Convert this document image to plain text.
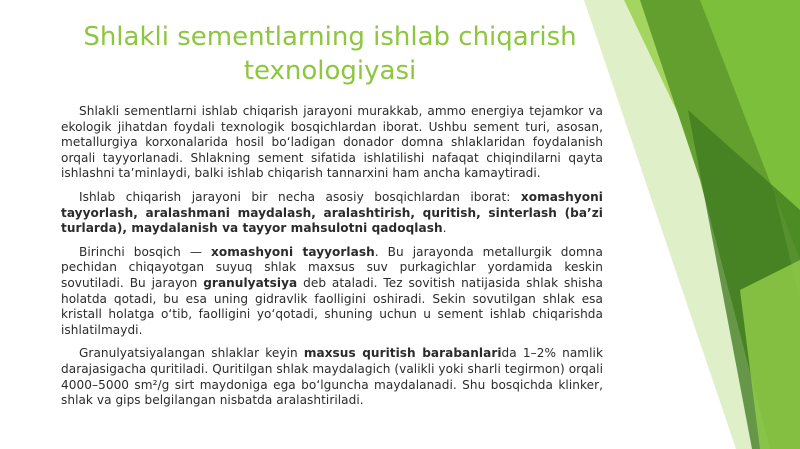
Shlakli sementlarning ishlab chiqarish
texnologiyasi

Shlakli sementlarni ishlab chiqarish jarayoni murakkab, ammo energiya tejamkor va ekologik jihatdan foydali texnologik bosqichlardan iborat. Ushbu sement turi, asosan, metallurgiya korxonalarida hosil bo‘ladigan donador domna shlaklaridan foydalanish orqali tayyorlanadi. Shlakning sement sifatida ishlatilishi nafaqat chiqindilarni qayta ishlashni ta’minlaydi, balki ishlab chiqarish tannarxini ham ancha kamaytiradi.

Ishlab chiqarish jarayoni bir necha asosiy bosqichlardan iborat: xomashyoni tayyorlash, aralashmani maydalash, aralashtirish, quritish, sinterlash (ba’zi turlarda), maydalanish va tayyor mahsulotni qadoqlash.

Birinchi bosqich — xomashyoni tayyorlash. Bu jarayonda metallurgik domna pechidan chiqayotgan suyuq shlak maxsus suv purkagichlar yordamida keskin sovutiladi. Bu jarayon granulyatsiya deb ataladi. Tez sovitish natijasida shlak shisha holatda qotadi, bu esa uning gidravlik faolligini oshiradi. Sekin sovutilgan shlak esa kristall holatga o‘tib, faolligini yo‘qotadi, shuning uchun u sement ishlab chiqarishda ishlatilmaydi.

Granulyatsiyalangan shlaklar keyin maxsus quritish barabanlarida 1–2% namlik darajasigacha quritiladi. Quritilgan shlak maydalagich (valikli yoki sharli tegirmon) orqali 4000–5000 sm²/g sirt maydoniga ega bo‘lguncha maydalanadi. Shu bosqichda klinker, shlak va gips belgilangan nisbatda aralashtiriladi.
